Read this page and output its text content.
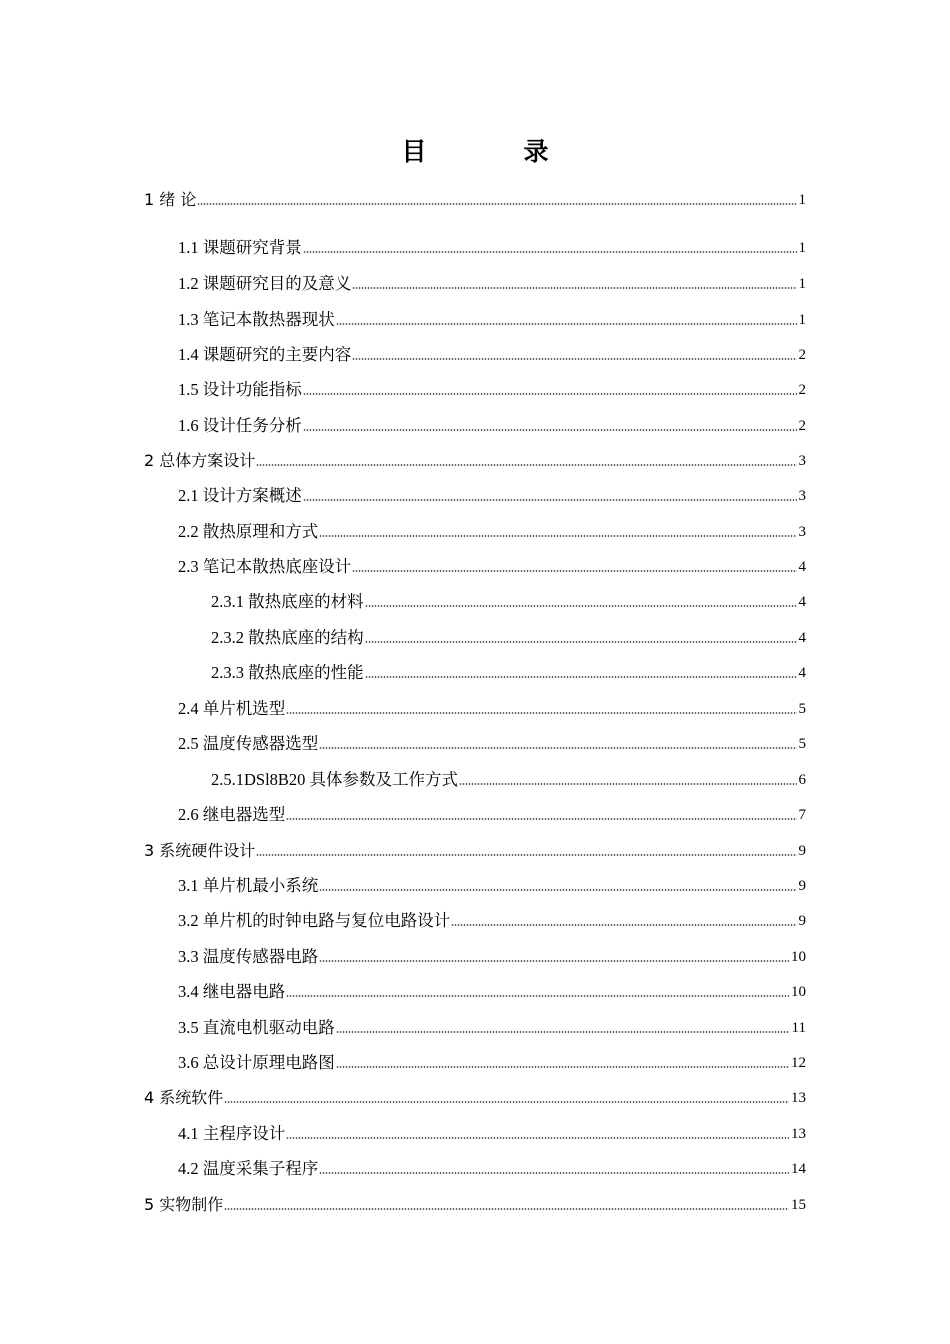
目　录
1 绪 论	1
1.1 课题研究背景	1
1.2 课题研究目的及意义	1
1.3 笔记本散热器现状	1
1.4 课题研究的主要内容	2
1.5 设计功能指标	2
1.6 设计任务分析	2
2 总体方案设计	3
2.1 设计方案概述	3
2.2 散热原理和方式	3
2.3 笔记本散热底座设计	4
2.3.1 散热底座的材料	4
2.3.2 散热底座的结构	4
2.3.3 散热底座的性能	4
2.4 单片机选型	5
2.5 温度传感器选型	5
2.5.1DSl8B20 具体参数及工作方式	6
2.6 继电器选型	7
3 系统硬件设计	9
3.1 单片机最小系统	9
3.2 单片机的时钟电路与复位电路设计	9
3.3 温度传感器电路	10
3.4 继电器电路	10
3.5 直流电机驱动电路	11
3.6 总设计原理电路图	12
4 系统软件	13
4.1 主程序设计	13
4.2 温度采集子程序	14
5 实物制作	15
